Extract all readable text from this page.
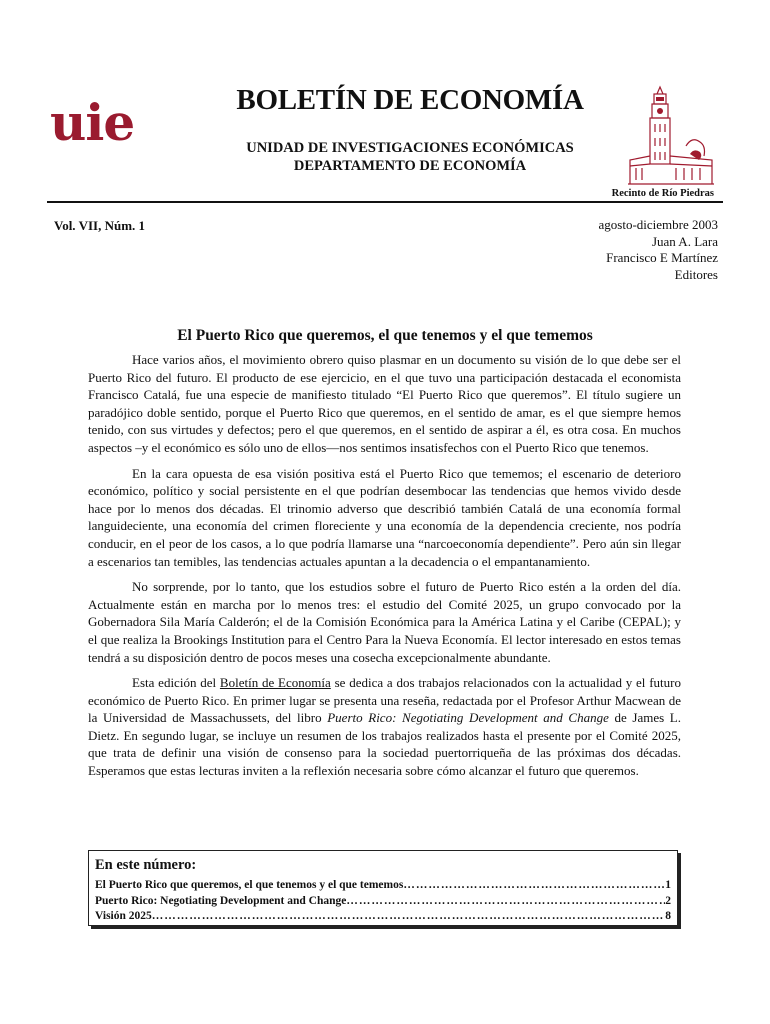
uie	BOLETÍN DE ECONOMÍA
UNIDAD DE INVESTIGACIONES ECONÓMICAS
DEPARTAMENTO DE ECONOMÍA
Recinto de Río Piedras
Vol. VII, Núm. 1	agosto-diciembre 2003
Juan A. Lara
Francisco E Martínez
Editores
El Puerto Rico que queremos, el que tenemos y el que tememos

Hace varios años, el movimiento obrero quiso plasmar en un documento su visión de lo que debe ser el Puerto Rico del futuro. El producto de ese ejercicio, en el que tuvo una participación destacada el economista Francisco Catalá, fue una especie de manifiesto titulado “El Puerto Rico que queremos”. El título sugiere un paradójico doble sentido, porque el Puerto Rico que queremos, en el sentido de amar, es el que siempre hemos tenido, con sus virtudes y defectos; pero el que queremos, en el sentido de aspirar a él, es otra cosa. En muchos aspectos –y el económico es sólo uno de ellos—nos sentimos insatisfechos con el Puerto Rico que tenemos.

En la cara opuesta de esa visión positiva está el Puerto Rico que tememos; el escenario de deterioro económico, político y social persistente en el que podrían desembocar las tendencias que hemos vivido desde hace por lo menos dos décadas. El trinomio adverso que describió también Catalá de una economía formal languideciente, una economía del crimen floreciente y una economía de la dependencia creciente, nos podría conducir, en el peor de los casos, a lo que podría llamarse una “narcoeconomía dependiente”. Pero aún sin llegar a escenarios tan temibles, las tendencias actuales apuntan a la decadencia o el empantanamiento.

No sorprende, por lo tanto, que los estudios sobre el futuro de Puerto Rico estén a la orden del día. Actualmente están en marcha por lo menos tres: el estudio del Comité 2025, un grupo convocado por la Gobernadora Sila María Calderón; el de la Comisión Económica para la América Latina y el Caribe (CEPAL); y el que realiza la Brookings Institution para el Centro Para la Nueva Economía. El lector interesado en estos temas tendrá a su disposición dentro de pocos meses una cosecha excepcionalmente abundante.

Esta edición del Boletín de Economía se dedica a dos trabajos relacionados con la actualidad y el futuro económico de Puerto Rico. En primer lugar se presenta una reseña, redactada por el Profesor Arthur Macwean de la Universidad de Massachussets, del libro Puerto Rico: Negotiating Development and Change de James L. Dietz. En segundo lugar, se incluye un resumen de los trabajos realizados hasta el presente por el Comité 2025, que trata de definir una visión de consenso para la sociedad puertorriqueña de las próximas dos décadas. Esperamos que estas lecturas inviten a la reflexión necesaria sobre cómo alcanzar el futuro que queremos.

En este número:
El Puerto Rico que queremos, el que tenemos y el que tememos ……………………………………………………………………………………………………………………………………	1
Puerto Rico: Negotiating Development and Change ……………………………………………………………………………………………………………………………………	2
Visión 2025 ……………………………………………………………………………………………………………………………………	8
